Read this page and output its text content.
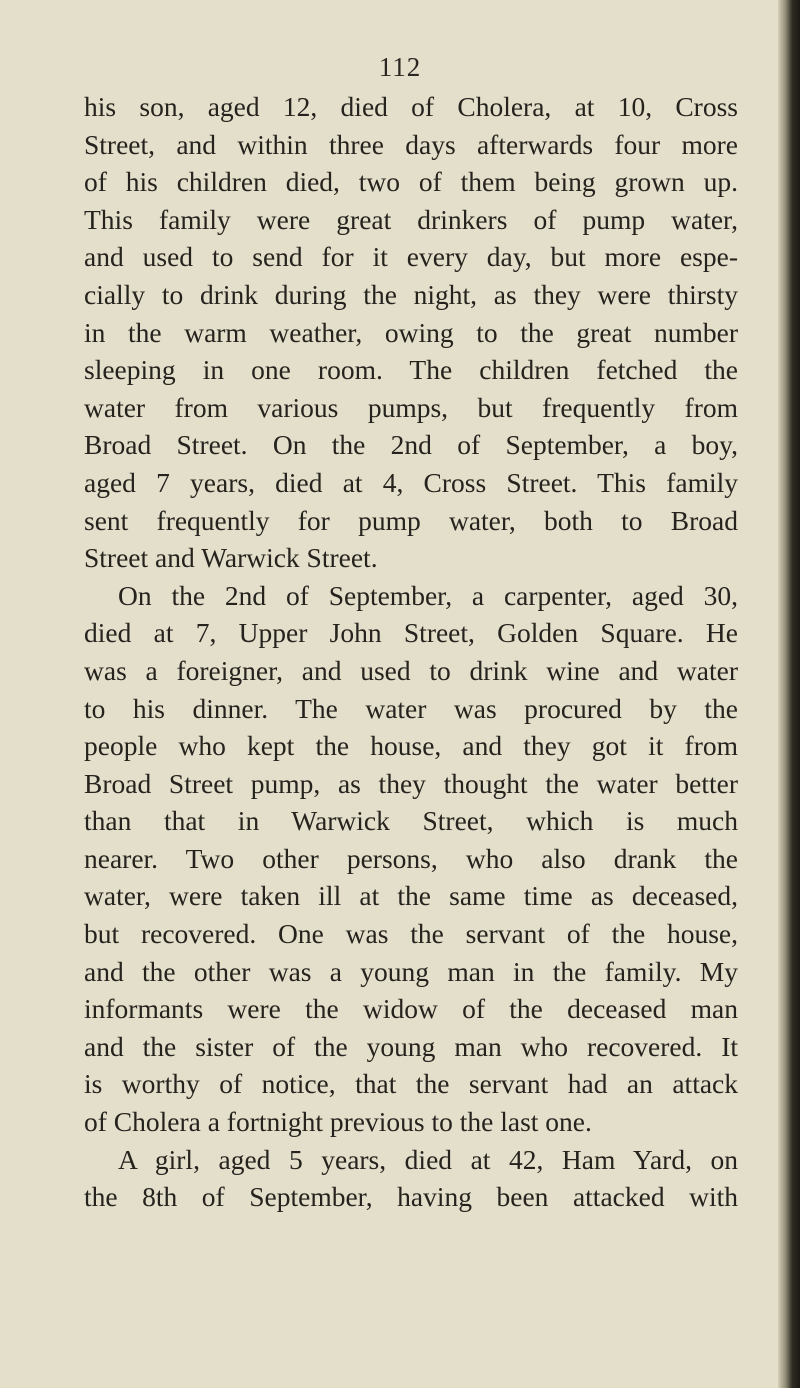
112
his son, aged 12, died of Cholera, at 10, Cross
Street, and within three days afterwards four more
of his children died, two of them being grown up.
This family were great drinkers of pump water,
and used to send for it every day, but more espe-
cially to drink during the night, as they were thirsty
in the warm weather, owing to the great number
sleeping in one room. The children fetched the
water from various pumps, but frequently from
Broad Street. On the 2nd of September, a boy,
aged 7 years, died at 4, Cross Street. This family
sent frequently for pump water, both to Broad
Street and Warwick Street.
On the 2nd of September, a carpenter, aged 30,
died at 7, Upper John Street, Golden Square. He
was a foreigner, and used to drink wine and water
to his dinner. The water was procured by the
people who kept the house, and they got it from
Broad Street pump, as they thought the water better
than that in Warwick Street, which is much
nearer. Two other persons, who also drank the
water, were taken ill at the same time as deceased,
but recovered. One was the servant of the house,
and the other was a young man in the family. My
informants were the widow of the deceased man
and the sister of the young man who recovered. It
is worthy of notice, that the servant had an attack
of Cholera a fortnight previous to the last one.
A girl, aged 5 years, died at 42, Ham Yard, on
the 8th of September, having been attacked with
